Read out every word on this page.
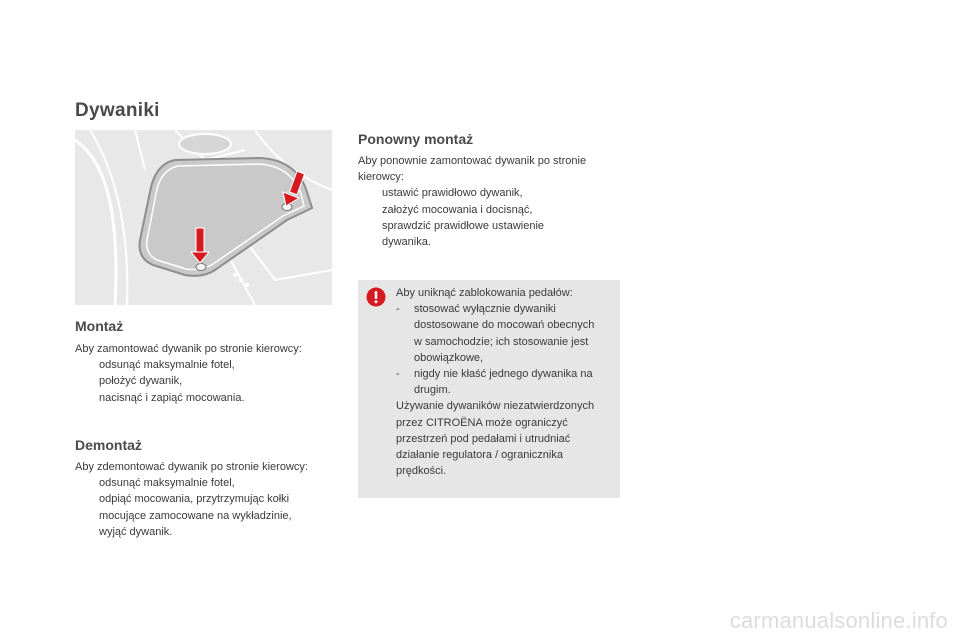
Dywaniki
Montaż

Aby zamontować dywanik po stronie kierowcy:

odsunąć maksymalnie fotel,
położyć dywanik,
nacisnąć i zapiąć mocowania.
Demontaż

Aby zdemontować dywanik po stronie kierowcy:

odsunąć maksymalnie fotel,
odpiąć mocowania, przytrzymując kołki mocujące zamocowane na wykładzinie,
wyjąć dywanik.
Ponowny montaż

Aby ponownie zamontować dywanik po stronie kierowcy:

ustawić prawidłowo dywanik,
założyć mocowania i docisnąć,
sprawdzić prawidłowe ustawienie dywanika.

Aby uniknąć zablokowania pedałów:

-	stosować wyłącznie dywaniki dostosowane do mocowań obecnych w samochodzie; ich stosowanie jest obowiązkowe,
-	nigdy nie kłaść jednego dywanika na drugim.

Używanie dywaników niezatwierdzonych przez CITROËNA może ograniczyć przestrzeń pod pedałami i utrudniać działanie regulatora / ogranicznika prędkości.

carmanualsonline.info
